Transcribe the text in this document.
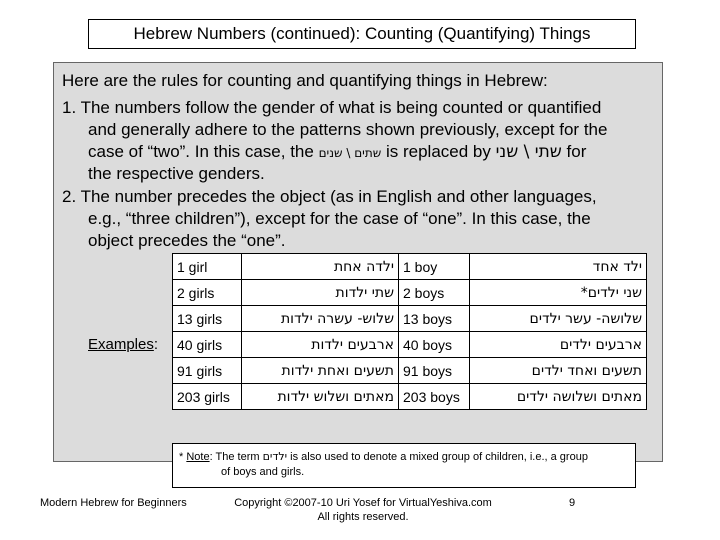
Hebrew Numbers (continued): Counting (Quantifying) Things
Here are the rules for counting and quantifying things in Hebrew:
1. The numbers follow the gender of what is being counted or quantified
and generally adhere to the patterns shown previously, except for the
case of “two”. In this case, the שתים \ שנים is replaced by שתי \ שני for
the respective genders.
2. The number precedes the object (as in English and other languages,
e.g., “three children”), except for the case of “one”. In this case, the
object precedes the “one”.
Examples:
1 girl	ילדה אחת	1 boy	ילד אחד
2 girls	שתי ילדות	2 boys	שני ילדים*
13 girls	שלוש- עשרה ילדות	13 boys	שלושה- עשר ילדים
40 girls	ארבעים ילדות	40 boys	ארבעים ילדים
91 girls	תשעים ואחת ילדות	91 boys	תשעים ואחד ילדים
203 girls	מאתים ושלוש ילדות	203 boys	מאתים ושלושה ילדים
* Note: The term ילדים is also used to denote a mixed group of children, i.e., a group
of boys and girls.
Modern Hebrew for Beginners	Copyright ©2007-10 Uri Yosef for VirtualYeshiva.com
All rights reserved.
9
